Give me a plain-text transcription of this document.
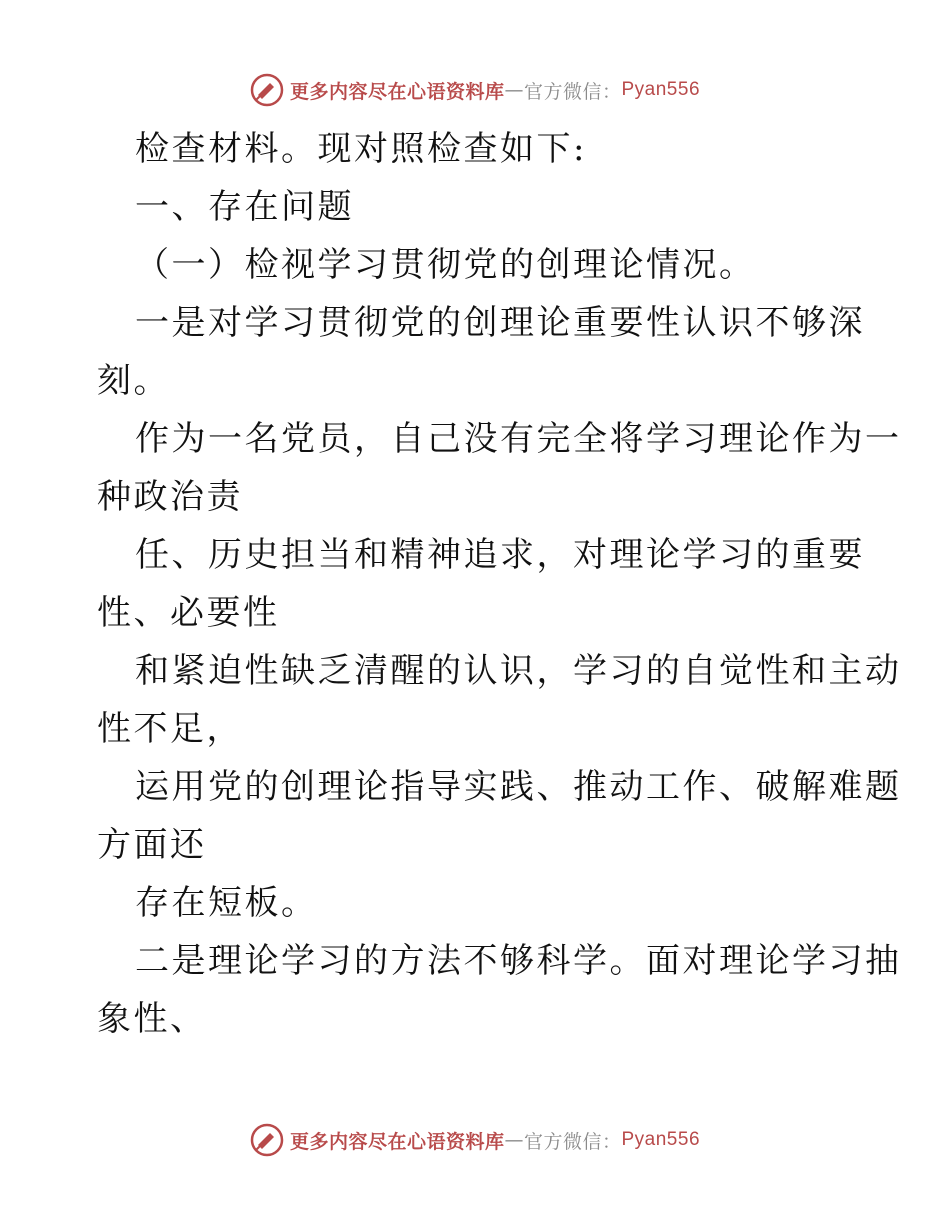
更多内容尽在心语资料库 — 官方微信： Pyan556
检查材料。现对照检查如下:
一、存在问题
（一）检视学习贯彻党的创理论情况。
一是对学习贯彻党的创理论重要性认识不够深
刻。
作为一名党员，自己没有完全将学习理论作为一
种政治责
任、历史担当和精神追求，对理论学习的重要
性、必要性
和紧迫性缺乏清醒的认识，学习的自觉性和主动
性不足，
运用党的创理论指导实践、推动工作、破解难题
方面还
存在短板。
二是理论学习的方法不够科学。面对理论学习抽
象性、
更多内容尽在心语资料库 — 官方微信： Pyan556
